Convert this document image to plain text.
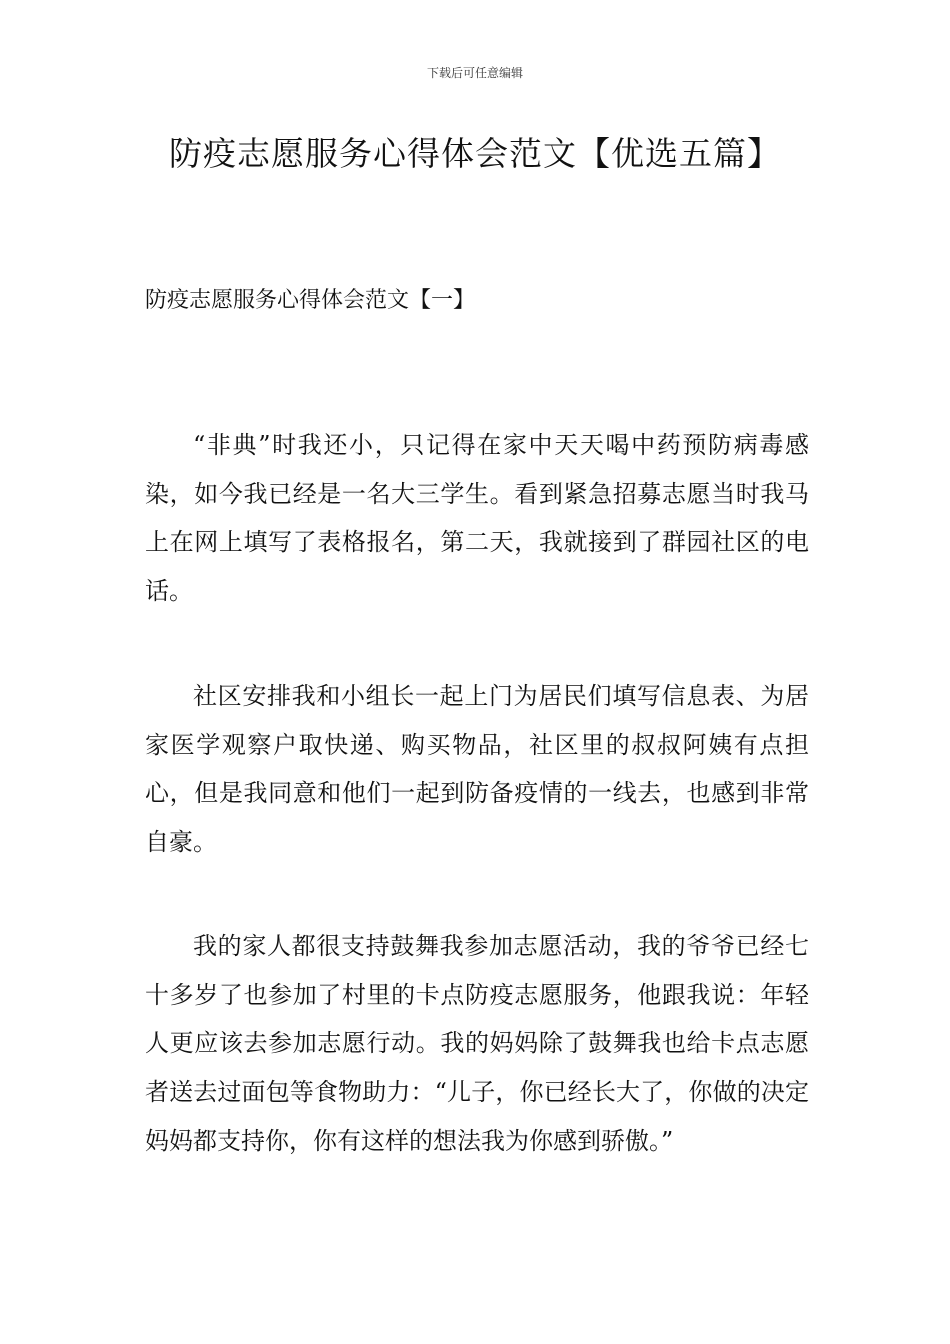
下载后可任意编辑
防疫志愿服务心得体会范文【优选五篇】
防疫志愿服务心得体会范文【一】

“非典”时我还小，只记得在家中天天喝中药预防病毒感染，如今我已经是一名大三学生。看到紧急招募志愿当时我马上在网上填写了表格报名，第二天，我就接到了群园社区的电话。

社区安排我和小组长一起上门为居民们填写信息表、为居家医学观察户取快递、购买物品，社区里的叔叔阿姨有点担心，但是我同意和他们一起到防备疫情的一线去，也感到非常自豪。

我的家人都很支持鼓舞我参加志愿活动，我的爷爷已经七十多岁了也参加了村里的卡点防疫志愿服务，他跟我说：年轻人更应该去参加志愿行动。我的妈妈除了鼓舞我也给卡点志愿者送去过面包等食物助力：“儿子，你已经长大了，你做的决定妈妈都支持你，你有这样的想法我为你感到骄傲。”
